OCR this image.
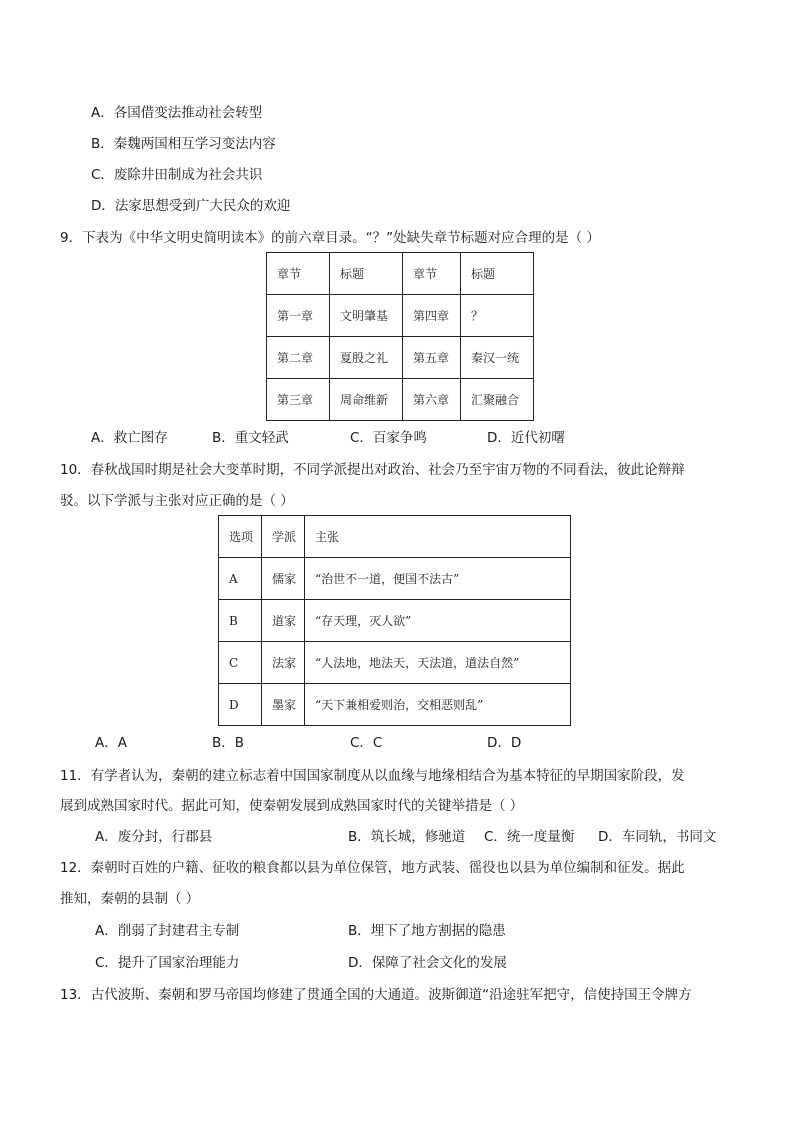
A．各国借变法推动社会转型
B．秦魏两国相互学习变法内容
C．废除井田制成为社会共识
D．法家思想受到广大民众的欢迎
9．下表为《中华文明史简明读本》的前六章目录。“？”处缺失章节标题对应合理的是（ ）
章节	标题	章节	标题
第一章	文明肇基	第四章	？
第二章	夏殷之礼	第五章	秦汉一统
第三章	周命维新	第六章	汇聚融合
A．救亡图存	B．重文轻武	C．百家争鸣	D．近代初曙
10．春秋战国时期是社会大变革时期，不同学派提出对政治、社会乃至宇宙万物的不同看法，彼此论辩辩
驳。以下学派与主张对应正确的是（ ）
选项	学派	主张
A	儒家	“治世不一道，便国不法古”
B	道家	“存天理，灭人欲”
C	法家	“人法地，地法天，天法道，道法自然”
D	墨家	“天下兼相爱则治，交相恶则乱”
A．A	B．B	C．C	D．D
11．有学者认为，秦朝的建立标志着中国国家制度从以血缘与地缘相结合为基本特征的早期国家阶段，发
展到成熟国家时代。据此可知，使秦朝发展到成熟国家时代的关键举措是（ ）
A．废分封，行郡县	B．筑长城，修驰道 C．统一度量衡 D．车同轨，书同文
12．秦朝时百姓的户籍、征收的粮食都以县为单位保管，地方武装、徭役也以县为单位编制和征发。据此
推知，秦朝的县制（ ）
A．削弱了封建君主专制	B．埋下了地方割据的隐患
C．提升了国家治理能力	D．保障了社会文化的发展
13．古代波斯、秦朝和罗马帝国均修建了贯通全国的大通道。波斯御道“沿途驻军把守，信使持国王令牌方
